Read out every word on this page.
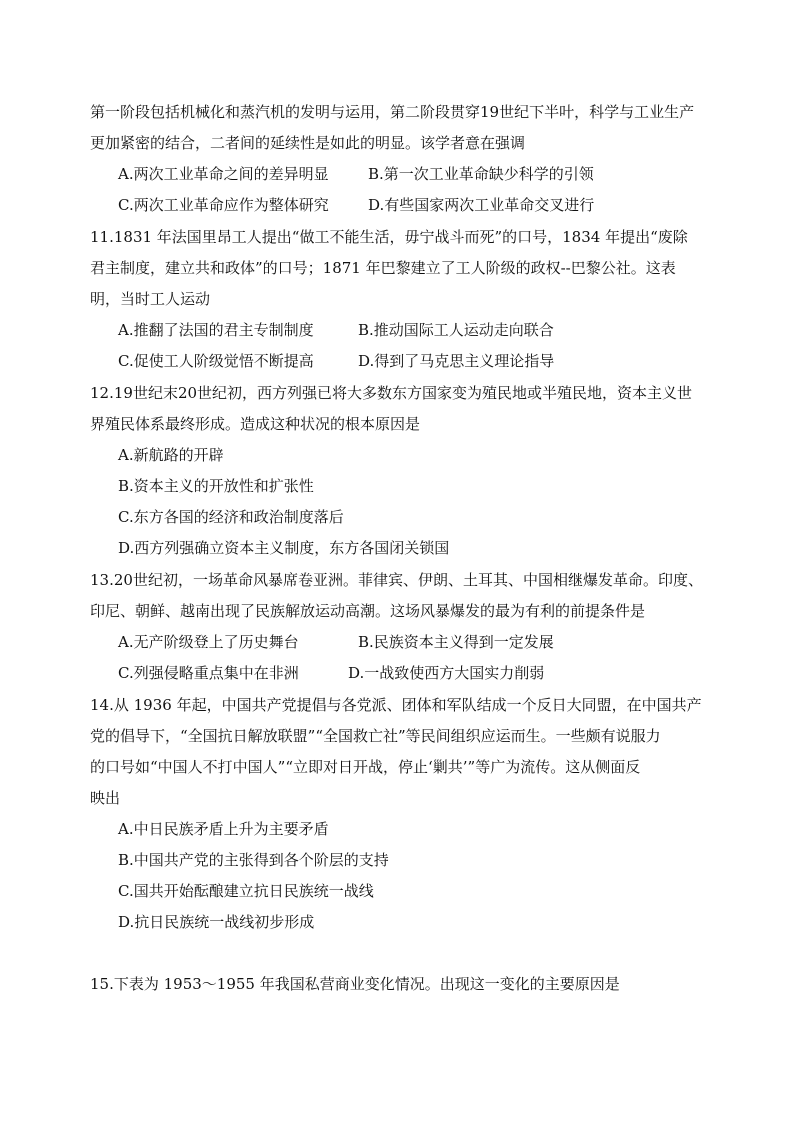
第一阶段包括机械化和蒸汽机的发明与运用，第二阶段贯穿19世纪下半叶，科学与工业生产
更加紧密的结合，二者间的延续性是如此的明显。该学者意在强调
A.两次工业革命之间的差异明显	B.第一次工业革命缺少科学的引领
C.两次工业革命应作为整体研究	D.有些国家两次工业革命交叉进行
11.1831 年法国里昂工人提出“做工不能生活，毋宁战斗而死”的口号，1834 年提出“废除
君主制度，建立共和政体”的口号；1871 年巴黎建立了工人阶级的政权--巴黎公社。这表
明，当时工人运动
A.推翻了法国的君主专制制度	B.推动国际工人运动走向联合
C.促使工人阶级觉悟不断提高	D.得到了马克思主义理论指导
12.19世纪末20世纪初，西方列强已将大多数东方国家变为殖民地或半殖民地，资本主义世
界殖民体系最终形成。造成这种状况的根本原因是
A.新航路的开辟
B.资本主义的开放性和扩张性
C.东方各国的经济和政治制度落后
D.西方列强确立资本主义制度，东方各国闭关锁国
13.20世纪初，一场革命风暴席卷亚洲。菲律宾、伊朗、土耳其、中国相继爆发革命。印度、
印尼、朝鲜、越南出现了民族解放运动高潮。这场风暴爆发的最为有利的前提条件是
A.无产阶级登上了历史舞台	B.民族资本主义得到一定发展
C.列强侵略重点集中在非洲	D.一战致使西方大国实力削弱
14.从 1936 年起，中国共产党提倡与各党派、团体和军队结成一个反日大同盟，在中国共产
党的倡导下，“全国抗日解放联盟”“全国救亡社”等民间组织应运而生。一些颇有说服力
的口号如“中国人不打中国人”“立即对日开战，停止‘剿共’”等广为流传。这从侧面反
映出
A.中日民族矛盾上升为主要矛盾
B.中国共产党的主张得到各个阶层的支持
C.国共开始酝酿建立抗日民族统一战线
D.抗日民族统一战线初步形成
15.下表为 1953～1955 年我国私营商业变化情况。出现这一变化的主要原因是
